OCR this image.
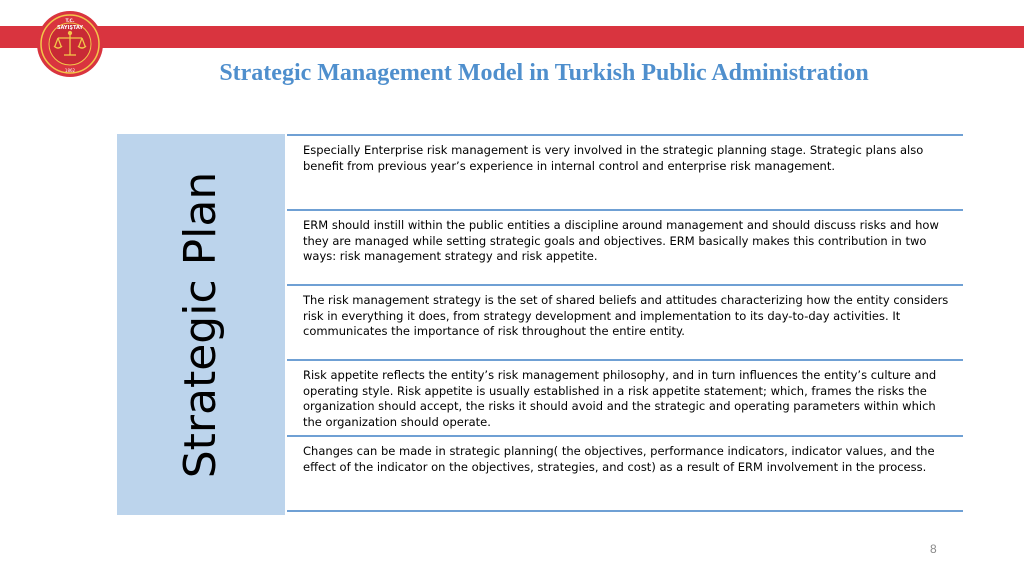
T.C.
SAYIŞTAY
1862	Strategic Management Model in Turkish Public Administration
Strategic Plan
Especially Enterprise risk management is very involved in the strategic planning stage. Strategic plans also benefit from previous year’s experience in internal control and enterprise risk management.
ERM should instill within the public entities a discipline around management and should discuss risks and how they are managed while setting strategic goals and objectives. ERM basically makes this contribution in two ways: risk management strategy and risk appetite.
The risk management strategy is the set of shared beliefs and attitudes characterizing how the entity considers risk in everything it does, from strategy development and implementation to its day-to-day activities. It communicates the importance of risk throughout the entire entity.
Risk appetite reflects the entity’s risk management philosophy, and in turn influences the entity’s culture and operating style. Risk appetite is usually established in a risk appetite statement; which, frames the risks the organization should accept, the risks it should avoid and the strategic and operating parameters within which the organization should operate.
Changes can be made in strategic planning( the objectives, performance indicators, indicator values, and the effect of the indicator on the objectives, strategies, and cost) as a result of ERM involvement in the process.
8
